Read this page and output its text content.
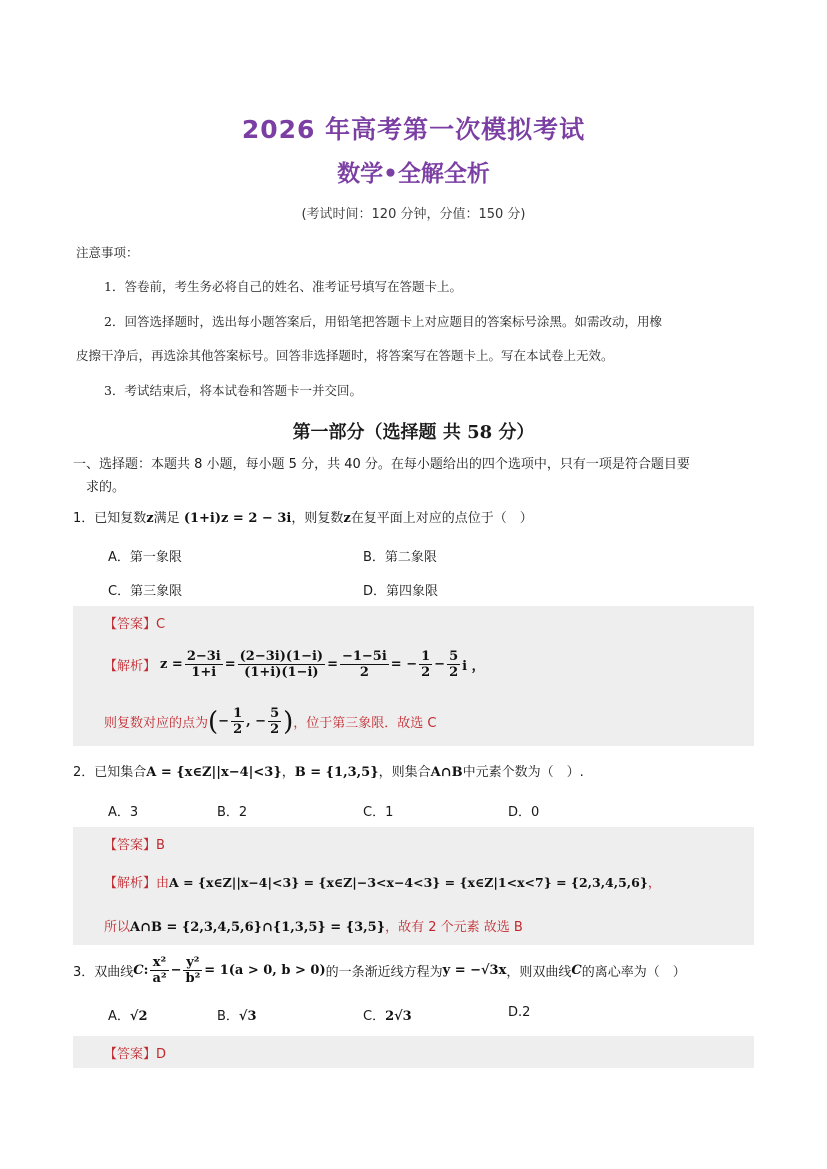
2026 年高考第一次模拟考试
数学•全解全析
(考试时间：120 分钟，分值：150 分)
注意事项：
1．答卷前，考生务必将自己的姓名、准考证号填写在答题卡上。
2．回答选择题时，选出每小题答案后，用铅笔把答题卡上对应题目的答案标号涂黑。如需改动，用橡
皮擦干净后，再选涂其他答案标号。回答非选择题时，将答案写在答题卡上。写在本试卷上无效。
3．考试结束后，将本试卷和答题卡一并交回。
第一部分（选择题 共 58 分）
一、选择题：本题共 8 小题，每小题 5 分，共 40 分。在每小题给出的四个选项中，只有一项是符合题目要
求的。
1．已知复数z满足 (1+i)z = 2 − 3i，则复数z在复平面上对应的点位于（　）
A．第一象限	B．第二象限
C．第三象限	D．第四象限
【答案】C
【解析】 $z = \frac{2-3i}{1+i} = \frac{(2-3i)(1-i)}{(1+i)(1-i)} = \frac{-1-5i}{2}$ = − $\frac{1}{2} - \frac{5}{2}$ i ，
则复数对应的点为 ( − $\frac{1}{2}$ , − $\frac{5}{2}$ ) ，位于第三象限．故选 C
2．已知集合A = {x∈Z||x−4|<3}，B = {1,3,5}，则集合A∩B中元素个数为（　）.
A．3	B．2	C．1	D．0
【答案】B
【解析】由A = {x∈Z||x−4|<3} = {x∈Z|−3<x−4<3} = {x∈Z|1<x<7} = {2,3,4,5,6}，
所以A∩B = {2,3,4,5,6}∩{1,3,5} = {3,5}，故有 2 个元素 故选 B
3．双曲线 C : $\frac{\text{x²}}{\text{a²}} - \frac{\text{y²}}{\text{b²}} = 1(a > 0$, b > 0) 的一条渐近线方程为 y = −√3x ，则双曲线 C 的离心率为（　）
A．√2	B．√3	C．2√3	D.2
【答案】D
